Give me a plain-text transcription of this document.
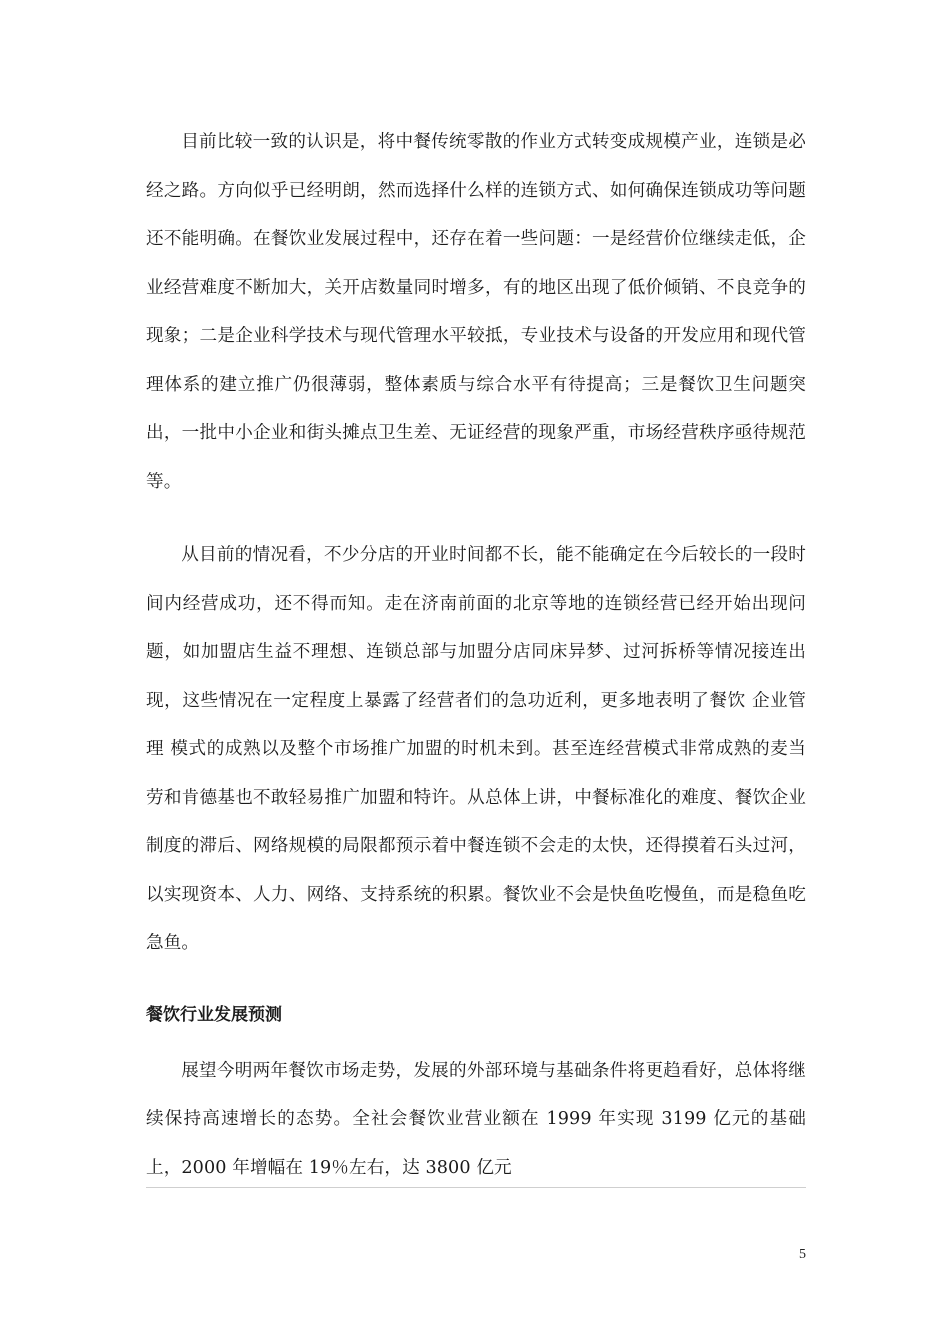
目前比较一致的认识是，将中餐传统零散的作业方式转变成规模产业，连锁是必经之路。方向似乎已经明朗，然而选择什么样的连锁方式、如何确保连锁成功等问题还不能明确。在餐饮业发展过程中，还存在着一些问题：一是经营价位继续走低，企业经营难度不断加大，关开店数量同时增多，有的地区出现了低价倾销、不良竞争的现象；二是企业科学技术与现代管理水平较抵，专业技术与设备的开发应用和现代管理体系的建立推广仍很薄弱，整体素质与综合水平有待提高；三是餐饮卫生问题突出，一批中小企业和街头摊点卫生差、无证经营的现象严重，市场经营秩序亟待规范等。

从目前的情况看，不少分店的开业时间都不长，能不能确定在今后较长的一段时间内经营成功，还不得而知。走在济南前面的北京等地的连锁经营已经开始出现问题，如加盟店生益不理想、连锁总部与加盟分店同床异梦、过河拆桥等情况接连出现，这些情况在一定程度上暴露了经营者们的急功近利，更多地表明了餐饮 企业管理 模式的成熟以及整个市场推广加盟的时机未到。甚至连经营模式非常成熟的麦当劳和肯德基也不敢轻易推广加盟和特许。从总体上讲，中餐标准化的难度、餐饮企业制度的滞后、网络规模的局限都预示着中餐连锁不会走的太快，还得摸着石头过河，以实现资本、人力、网络、支持系统的积累。餐饮业不会是快鱼吃慢鱼，而是稳鱼吃急鱼。

餐饮行业发展预测

展望今明两年餐饮市场走势，发展的外部环境与基础条件将更趋看好，总体将继续保持高速增长的态势。全社会餐饮业营业额在 1999 年实现 3199 亿元的基础上，2000 年增幅在 19％左右，达 3800 亿元

5
